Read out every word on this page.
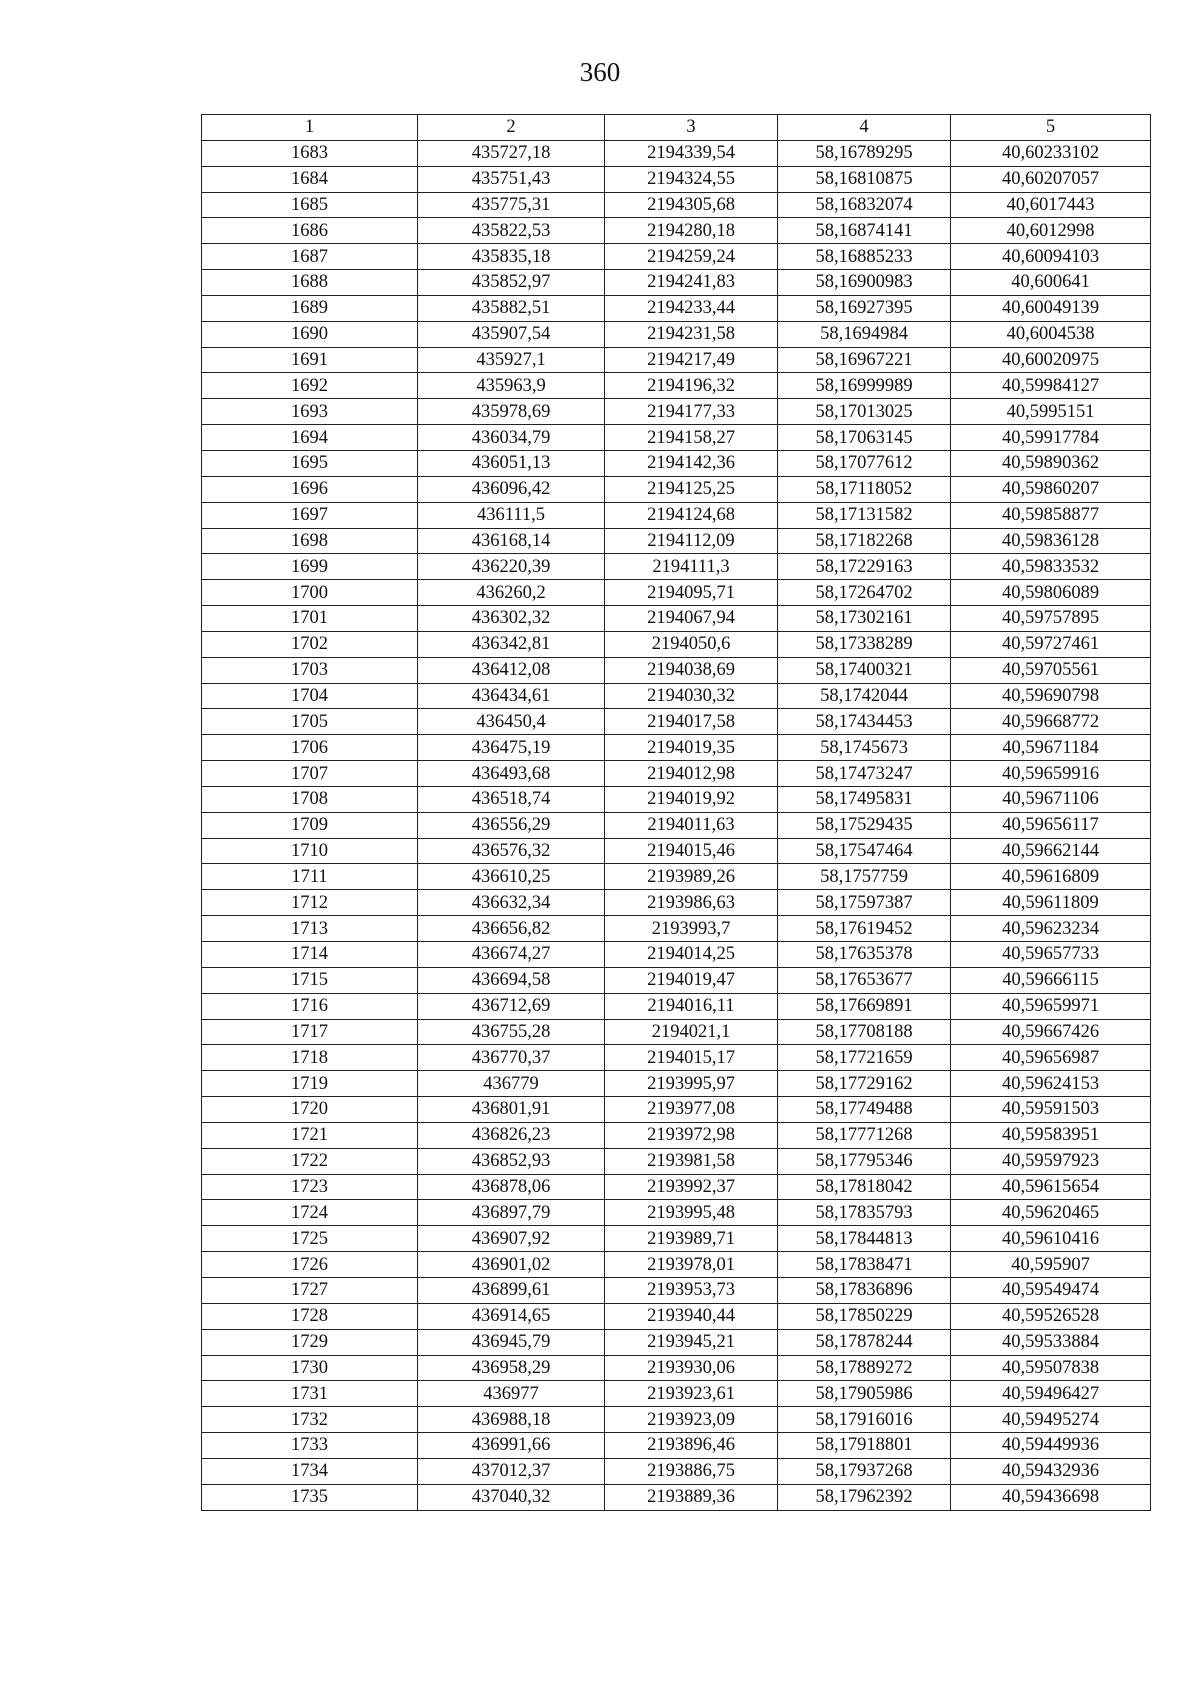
360
1	2	3	4	5
1683	435727,18	2194339,54	58,16789295	40,60233102
1684	435751,43	2194324,55	58,16810875	40,60207057
1685	435775,31	2194305,68	58,16832074	40,6017443
1686	435822,53	2194280,18	58,16874141	40,6012998
1687	435835,18	2194259,24	58,16885233	40,60094103
1688	435852,97	2194241,83	58,16900983	40,600641
1689	435882,51	2194233,44	58,16927395	40,60049139
1690	435907,54	2194231,58	58,1694984	40,6004538
1691	435927,1	2194217,49	58,16967221	40,60020975
1692	435963,9	2194196,32	58,16999989	40,59984127
1693	435978,69	2194177,33	58,17013025	40,5995151
1694	436034,79	2194158,27	58,17063145	40,59917784
1695	436051,13	2194142,36	58,17077612	40,59890362
1696	436096,42	2194125,25	58,17118052	40,59860207
1697	436111,5	2194124,68	58,17131582	40,59858877
1698	436168,14	2194112,09	58,17182268	40,59836128
1699	436220,39	2194111,3	58,17229163	40,59833532
1700	436260,2	2194095,71	58,17264702	40,59806089
1701	436302,32	2194067,94	58,17302161	40,59757895
1702	436342,81	2194050,6	58,17338289	40,59727461
1703	436412,08	2194038,69	58,17400321	40,59705561
1704	436434,61	2194030,32	58,1742044	40,59690798
1705	436450,4	2194017,58	58,17434453	40,59668772
1706	436475,19	2194019,35	58,1745673	40,59671184
1707	436493,68	2194012,98	58,17473247	40,59659916
1708	436518,74	2194019,92	58,17495831	40,59671106
1709	436556,29	2194011,63	58,17529435	40,59656117
1710	436576,32	2194015,46	58,17547464	40,59662144
1711	436610,25	2193989,26	58,1757759	40,59616809
1712	436632,34	2193986,63	58,17597387	40,59611809
1713	436656,82	2193993,7	58,17619452	40,59623234
1714	436674,27	2194014,25	58,17635378	40,59657733
1715	436694,58	2194019,47	58,17653677	40,59666115
1716	436712,69	2194016,11	58,17669891	40,59659971
1717	436755,28	2194021,1	58,17708188	40,59667426
1718	436770,37	2194015,17	58,17721659	40,59656987
1719	436779	2193995,97	58,17729162	40,59624153
1720	436801,91	2193977,08	58,17749488	40,59591503
1721	436826,23	2193972,98	58,17771268	40,59583951
1722	436852,93	2193981,58	58,17795346	40,59597923
1723	436878,06	2193992,37	58,17818042	40,59615654
1724	436897,79	2193995,48	58,17835793	40,59620465
1725	436907,92	2193989,71	58,17844813	40,59610416
1726	436901,02	2193978,01	58,17838471	40,595907
1727	436899,61	2193953,73	58,17836896	40,59549474
1728	436914,65	2193940,44	58,17850229	40,59526528
1729	436945,79	2193945,21	58,17878244	40,59533884
1730	436958,29	2193930,06	58,17889272	40,59507838
1731	436977	2193923,61	58,17905986	40,59496427
1732	436988,18	2193923,09	58,17916016	40,59495274
1733	436991,66	2193896,46	58,17918801	40,59449936
1734	437012,37	2193886,75	58,17937268	40,59432936
1735	437040,32	2193889,36	58,17962392	40,59436698
